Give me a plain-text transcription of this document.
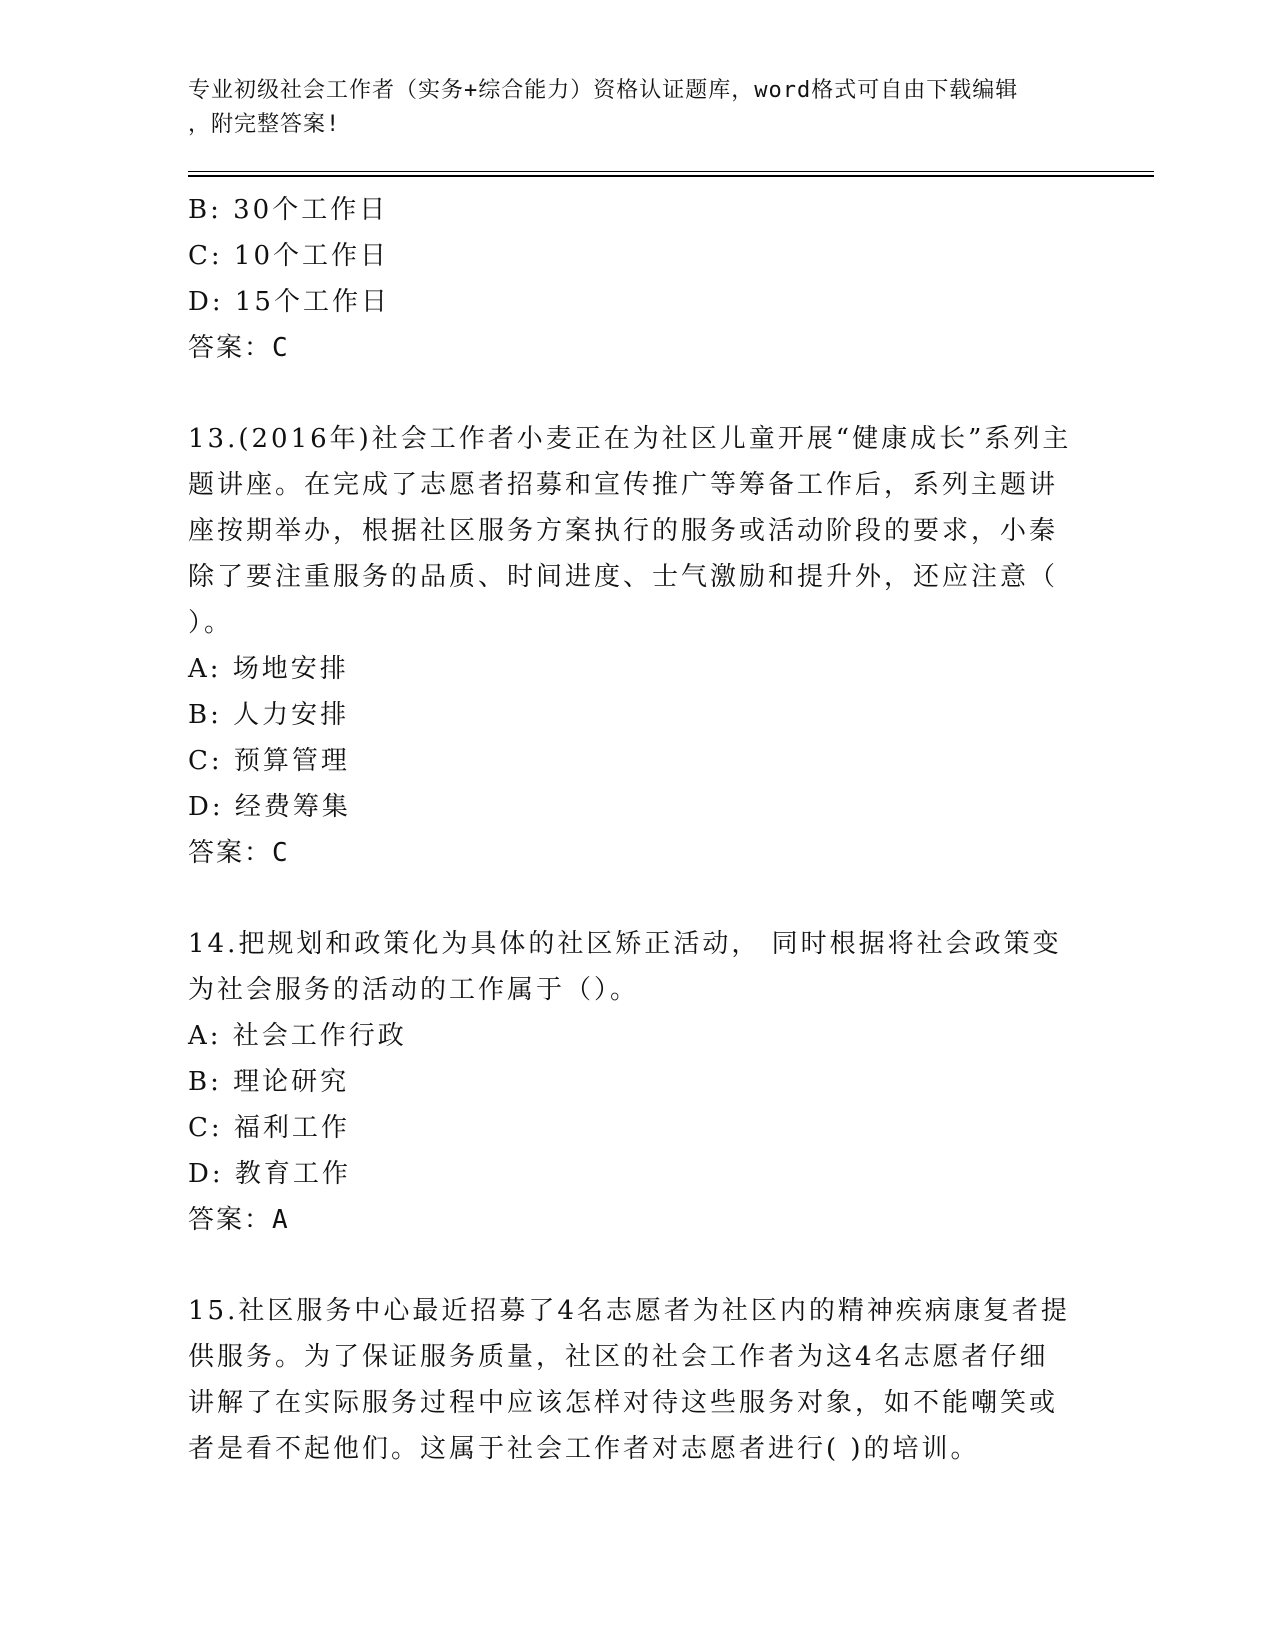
专业初级社会工作者（实务+综合能力）资格认证题库，word格式可自由下载编辑
，附完整答案!
B: 30个工作日
C: 10个工作日
D: 15个工作日
答案：C
13.(2016年)社会工作者小麦正在为社区儿童开展“健康成长”系列主
题讲座。在完成了志愿者招募和宣传推广等筹备工作后，系列主题讲
座按期举办，根据社区服务方案执行的服务或活动阶段的要求，小秦
除了要注重服务的品质、时间进度、士气激励和提升外，还应注意（
）。
A: 场地安排
B: 人力安排
C: 预算管理
D: 经费筹集
答案：C
14.把规划和政策化为具体的社区矫正活动， 同时根据将社会政策变
为社会服务的活动的工作属于（）。
A: 社会工作行政
B: 理论研究
C: 福利工作
D: 教育工作
答案：A
15.社区服务中心最近招募了4名志愿者为社区内的精神疾病康复者提
供服务。为了保证服务质量，社区的社会工作者为这4名志愿者仔细
讲解了在实际服务过程中应该怎样对待这些服务对象，如不能嘲笑或
者是看不起他们。这属于社会工作者对志愿者进行( )的培训。
